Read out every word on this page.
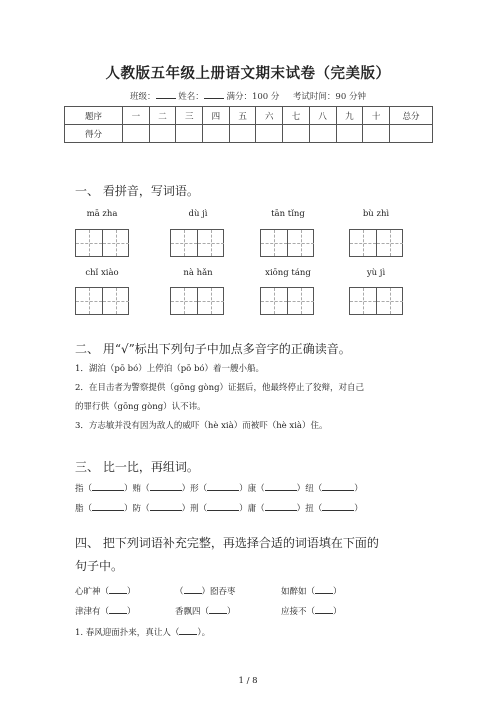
人教版五年级上册语文期末试卷（完美版）
班级：	姓名：	满分：100 分 考试时间：90 分钟
题序	一	二	三	四	五	六	七	八	九	十	总分
得分											
一、 看拼音，写词语。
mā zha	dù jì	tān tǐng	bù zhì
chǐ xiào	nà hǎn	xiōng táng	yù jì
二、 用“√”标出下列句子中加点多音字的正确读音。
1．湖泊（pō bó）上停泊（pō bó）着一艘小船。
2．在目击者为警察提供（gōng gòng）证据后，他最终停止了狡辩，对自己
的罪行供（gōng gòng）认不讳。
3．方志敏并没有因为敌人的威吓（hè xià）而被吓（hè xià）住。
三、 比一比，再组词。
指（	）贿（	）形（	）康（	）纽（	）
脂（	）防（	）刑（	）庸（	）扭（	）
四、 把下列词语补充完整，再选择合适的词语填在下面的
句子中。
心旷神（ ）	（ ）囵吞枣	如醉如（ ）
津津有（ ）	香飘四（ ）	应接不（ ）
1. 春风迎面扑来，真让人（ ）。
1 / 8
